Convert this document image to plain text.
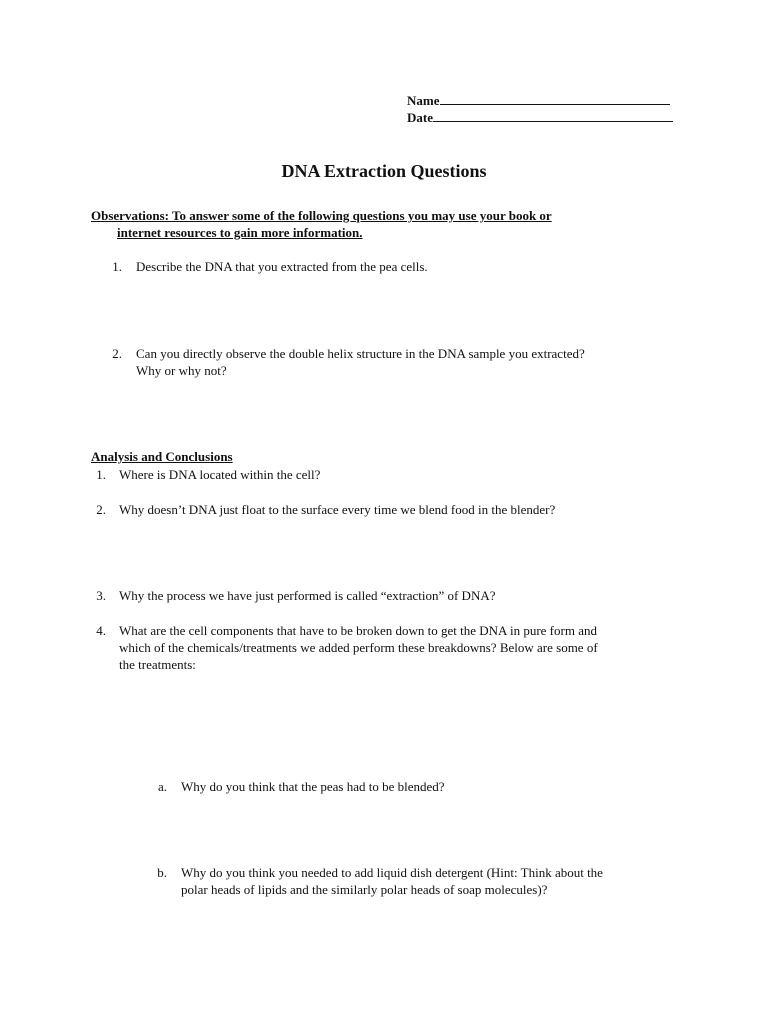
Name
Date
DNA Extraction Questions
Observations: To answer some of the following questions you may use your book or
internet resources to gain more information.
1. Describe the DNA that you extracted from the pea cells.
2. Can you directly observe the double helix structure in the DNA sample you extracted?
Why or why not?
Analysis and Conclusions
1. Where is DNA located within the cell?
2. Why doesn’t DNA just float to the surface every time we blend food in the blender?
3. Why the process we have just performed is called “extraction” of DNA?
4. What are the cell components that have to be broken down to get the DNA in pure form and
which of the chemicals/treatments we added perform these breakdowns? Below are some of
the treatments:
a. Why do you think that the peas had to be blended?
b. Why do you think you needed to add liquid dish detergent (Hint: Think about the
polar heads of lipids and the similarly polar heads of soap molecules)?
